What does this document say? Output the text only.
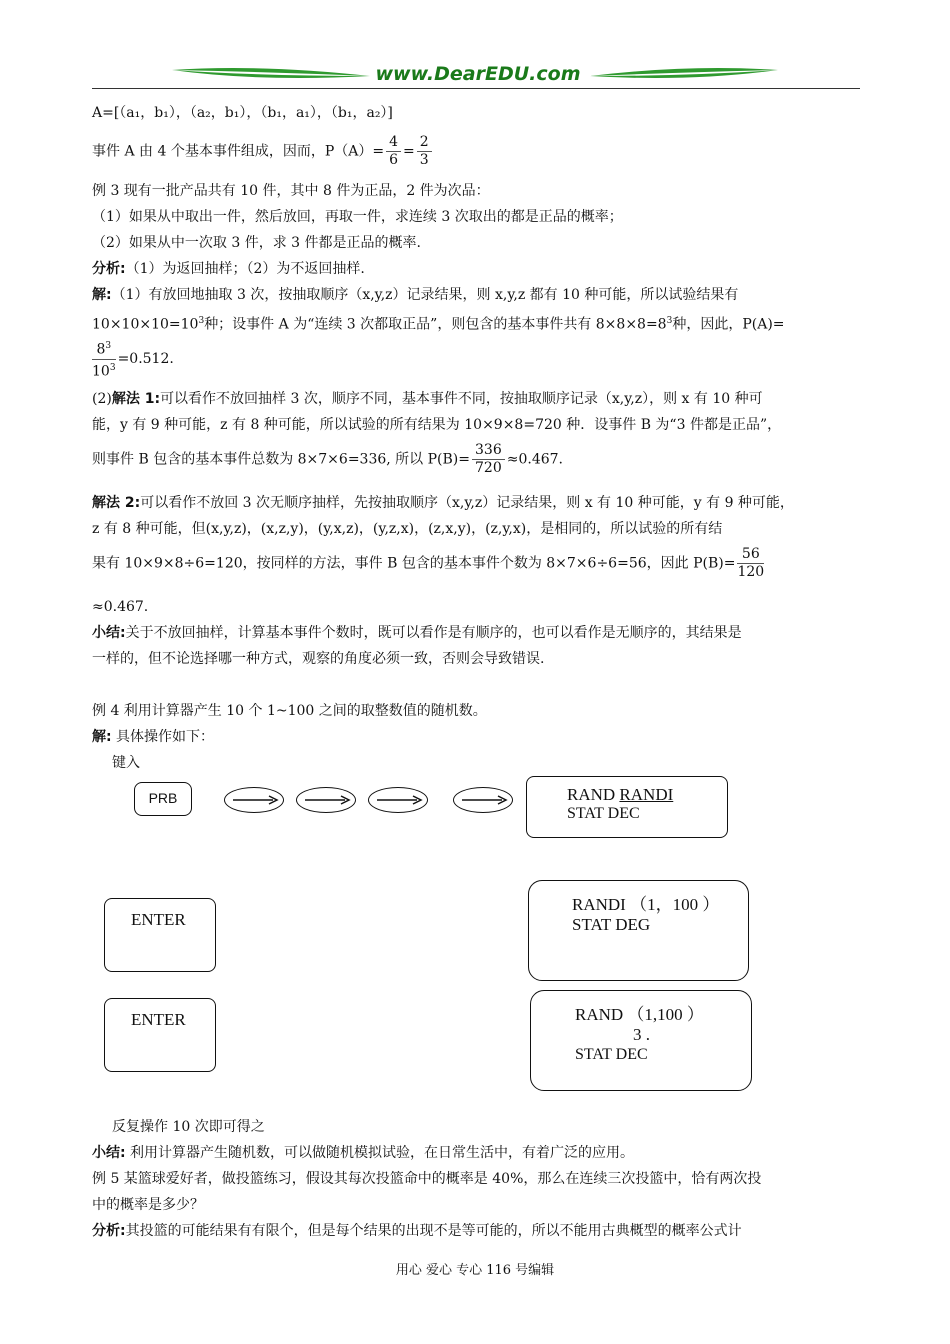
www.DearEDU.com
A=[（a₁，b₁），（a₂，b₁），（b₁，a₁），（b₁，a₂）]
事件 A 由 4 个基本事件组成，因而，$P(A)= \frac{4}{6} = \frac{2}{3}$
例 3 现有一批产品共有 10 件，其中 8 件为正品，2 件为次品：
（1）如果从中取出一件，然后放回，再取一件，求连续 3 次取出的都是正品的概率；
（2）如果从中一次取 3 件，求 3 件都是正品的概率.
分析:（1）为返回抽样；（2）为不返回抽样.
解:（1）有放回地抽取 3 次，按抽取顺序（x,y,z）记录结果，则 x,y,z 都有 10 种可能，所以试验结果有
$10\times 10\times 10=10^3$种；设事件 A 为“连续 3 次都取正品”，则包含的基本事件共有 $8\times 8\times 8=8^3$种，因此，P(A)=
$\frac{8^3}{10^3} =0.512$.
(2)解法 1:可以看作不放回抽样 3 次，顺序不同，基本事件不同，按抽取顺序记录（x,y,z），则 x 有 10 种可
能，y 有 9 种可能，z 有 8 种可能，所以试验的所有结果为 10×9×8=720 种．设事件 B 为“3 件都是正品”，
则事件 B 包含的基本事件总数为 8×7×6=336, 所以 $P(B)= \frac{336}{720} \approx 0.467$.
解法 2:可以看作不放回 3 次无顺序抽样，先按抽取顺序（x,y,z）记录结果，则 x 有 10 种可能，y 有 9 种可能，
z 有 8 种可能，但(x,y,z)，(x,z,y)，(y,x,z)，(y,z,x)，(z,x,y)，(z,y,x)，是相同的，所以试验的所有结
果有 10×9×8÷6=120，按同样的方法，事件 B 包含的基本事件个数为 8×7×6÷6=56，因此 $P(B)= \frac{56}{120}$
≈0.467.
小结:关于不放回抽样，计算基本事件个数时，既可以看作是有顺序的，也可以看作是无顺序的，其结果是
一样的，但不论选择哪一种方式，观察的角度必须一致，否则会导致错误.
例 4 利用计算器产生 10 个 1~100 之间的取整数值的随机数。
解: 具体操作如下：
键入
PRB	RAND RANDI
STAT DEC
ENTER
RANDI （1，100 ）
STAT DEG
ENTER	RAND （1,100 ）
3 .
STAT DEC
反复操作 10 次即可得之
小结: 利用计算器产生随机数，可以做随机模拟试验，在日常生活中，有着广泛的应用。
例 5 某篮球爱好者，做投篮练习，假设其每次投篮命中的概率是 40%，那么在连续三次投篮中，恰有两次投
中的概率是多少？
分析:其投篮的可能结果有有限个，但是每个结果的出现不是等可能的，所以不能用古典概型的概率公式计
用心 爱心 专心 116 号编辑
